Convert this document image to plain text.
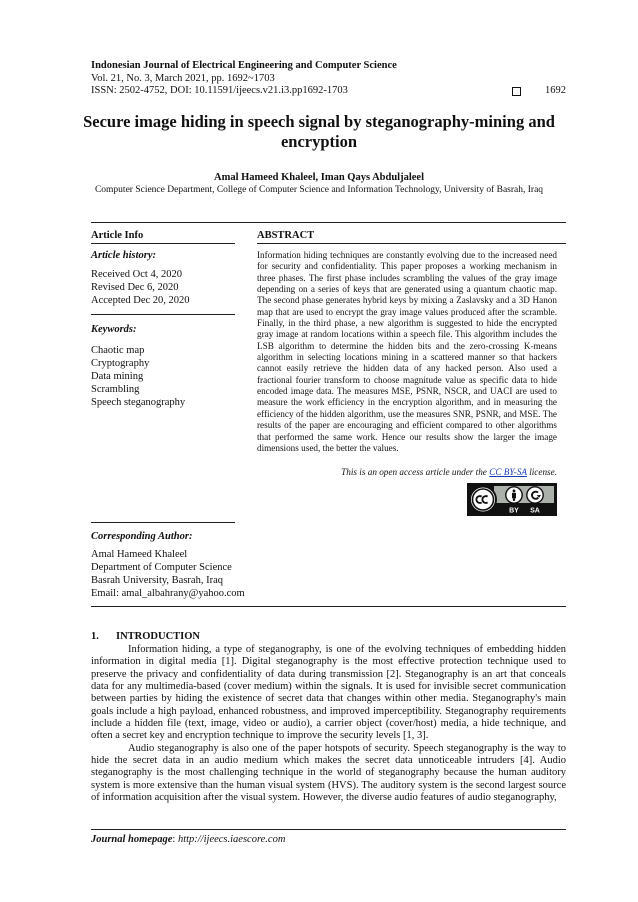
Indonesian Journal of Electrical Engineering and Computer Science
Vol. 21, No. 3, March 2021, pp. 1692~1703
ISSN: 2502-4752, DOI: 10.11591/ijeecs.v21.i3.pp1692-1703	1692
Secure image hiding in speech signal by steganography-mining and encryption
Amal Hameed Khaleel, Iman Qays Abduljaleel
Computer Science Department, College of Computer Science and Information Technology, University of Basrah, Iraq
Article Info
Article history:
Received Oct 4, 2020
Revised Dec 6, 2020
Accepted Dec 20, 2020
Keywords:
Chaotic map
Cryptography
Data mining
Scrambling
Speech steganography
Corresponding Author:
Amal Hameed Khaleel
Department of Computer Science
Basrah University, Basrah, Iraq
Email: amal_albahrany@yahoo.com
ABSTRACT
Information hiding techniques are constantly evolving due to the increased need for security and confidentiality. This paper proposes a working mechanism in three phases. The first phase includes scrambling the values of the gray image depending on a series of keys that are generated using a quantum chaotic map. The second phase generates hybrid keys by mixing a Zaslavsky and a 3D Hanon map that are used to encrypt the gray image values produced after the scramble. Finally, in the third phase, a new algorithm is suggested to hide the encrypted gray image at random locations within a speech file. This algorithm includes the LSB algorithm to determine the hidden bits and the zero-crossing K-means algorithm in selecting locations mining in a scattered manner so that hackers cannot easily retrieve the hidden data of any hacked person. Also used a fractional fourier transform to choose magnitude value as specific data to hide encoded image data. The measures MSE, PSNR, NSCR, and UACI are used to measure the work efficiency in the encryption algorithm, and in measuring the efficiency of the hidden algorithm, use the measures SNR, PSNR, and MSE. The results of the paper are encouraging and efficient compared to other algorithms that performed the same work. Hence our results show the larger the image dimensions used, the better the values.
This is an open access article under the CC BY-SA license.
BY SA
1. INTRODUCTION

Information hiding, a type of steganography, is one of the evolving techniques of embedding hidden information in digital media [1]. Digital steganography is the most effective protection technique used to preserve the privacy and confidentiality of data during transmission [2]. Steganography is an art that conceals data for any multimedia-based (cover medium) within the signals. It is used for invisible secret communication between parties by hiding the existence of secret data that changes within other media. Steganography's main goals include a high payload, enhanced robustness, and improved imperceptibility. Steganography requirements include a hidden file (text, image, video or audio), a carrier object (cover/host) media, a hide technique, and often a secret key and encryption technique to improve the security levels [1, 3].

Audio steganography is also one of the paper hotspots of security. Speech steganography is the way to hide the secret data in an audio medium which makes the secret data unnoticeable intruders [4]. Audio steganography is the most challenging technique in the world of steganography because the human auditory system is more extensive than the human visual system (HVS). The auditory system is the second largest source of information acquisition after the visual system. However, the diverse audio features of audio steganography,

Journal homepage: http://ijeecs.iaescore.com
